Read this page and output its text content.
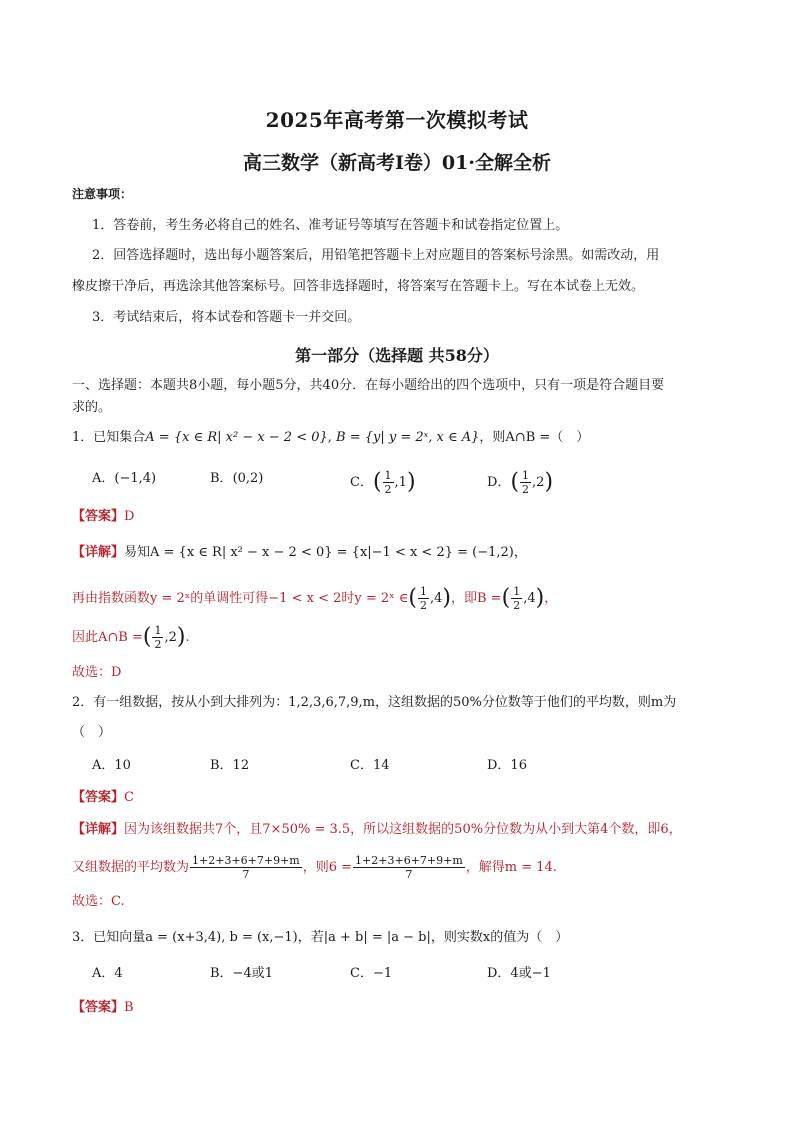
2025年高考第一次模拟考试
高三数学（新高考Ⅰ卷）01·全解全析
注意事项：
1．答卷前，考生务必将自己的姓名、准考证号等填写在答题卡和试卷指定位置上。
2．回答选择题时，选出每小题答案后，用铅笔把答题卡上对应题目的答案标号涂黑。如需改动，用
橡皮擦干净后，再选涂其他答案标号。回答非选择题时，将答案写在答题卡上。写在本试卷上无效。
3．考试结束后，将本试卷和答题卡一并交回。
第一部分（选择题 共58分）
一、选择题：本题共8小题，每小题5分，共40分．在每小题给出的四个选项中，只有一项是符合题目要
求的。
1．已知集合A = {x ∈ R| x² − x − 2 < 0}, B = {y| y = 2ˣ, x ∈ A}，则A∩B =（　）
A．(−1,4)	B．(0,2)	C．( $\frac{1}{2} ,1$)	D．( $\frac{1}{2} ,2$)
【答案】D
【详解】易知A = {x ∈ R| x² − x − 2 < 0} = {x|−1 < x < 2} = (−1,2)，
再由指数函数y = 2ˣ的单调性可得−1 < x < 2时y = 2ˣ ∈( $\frac{1}{2} ,4$)，即B =( $\frac{1}{2} ,4$)，
因此A∩B =( $\frac{1}{2} ,2$).
故选：D
2．有一组数据，按从小到大排列为：1,2,3,6,7,9,m，这组数据的50%分位数等于他们的平均数，则m为
（　）
A．10	B．12	C．14	D．16
【答案】C
【详解】因为该组数据共7个，且7×50% = 3.5，所以这组数据的50%分位数为从小到大第4个数，即6，
又组数据的平均数为 $\frac{1+2+3+6+7+9+m}{7}$ ，则$6 = \frac{1+2+3+6+7+9+m}{7}$ ，解得m = 14.
故选：C.
3．已知向量a = (x+3,4), b = (x,−1)，若|a + b| = |a − b|，则实数x的值为（　）
A．4	B．−4或1	C．−1	D．4或−1
【答案】B
